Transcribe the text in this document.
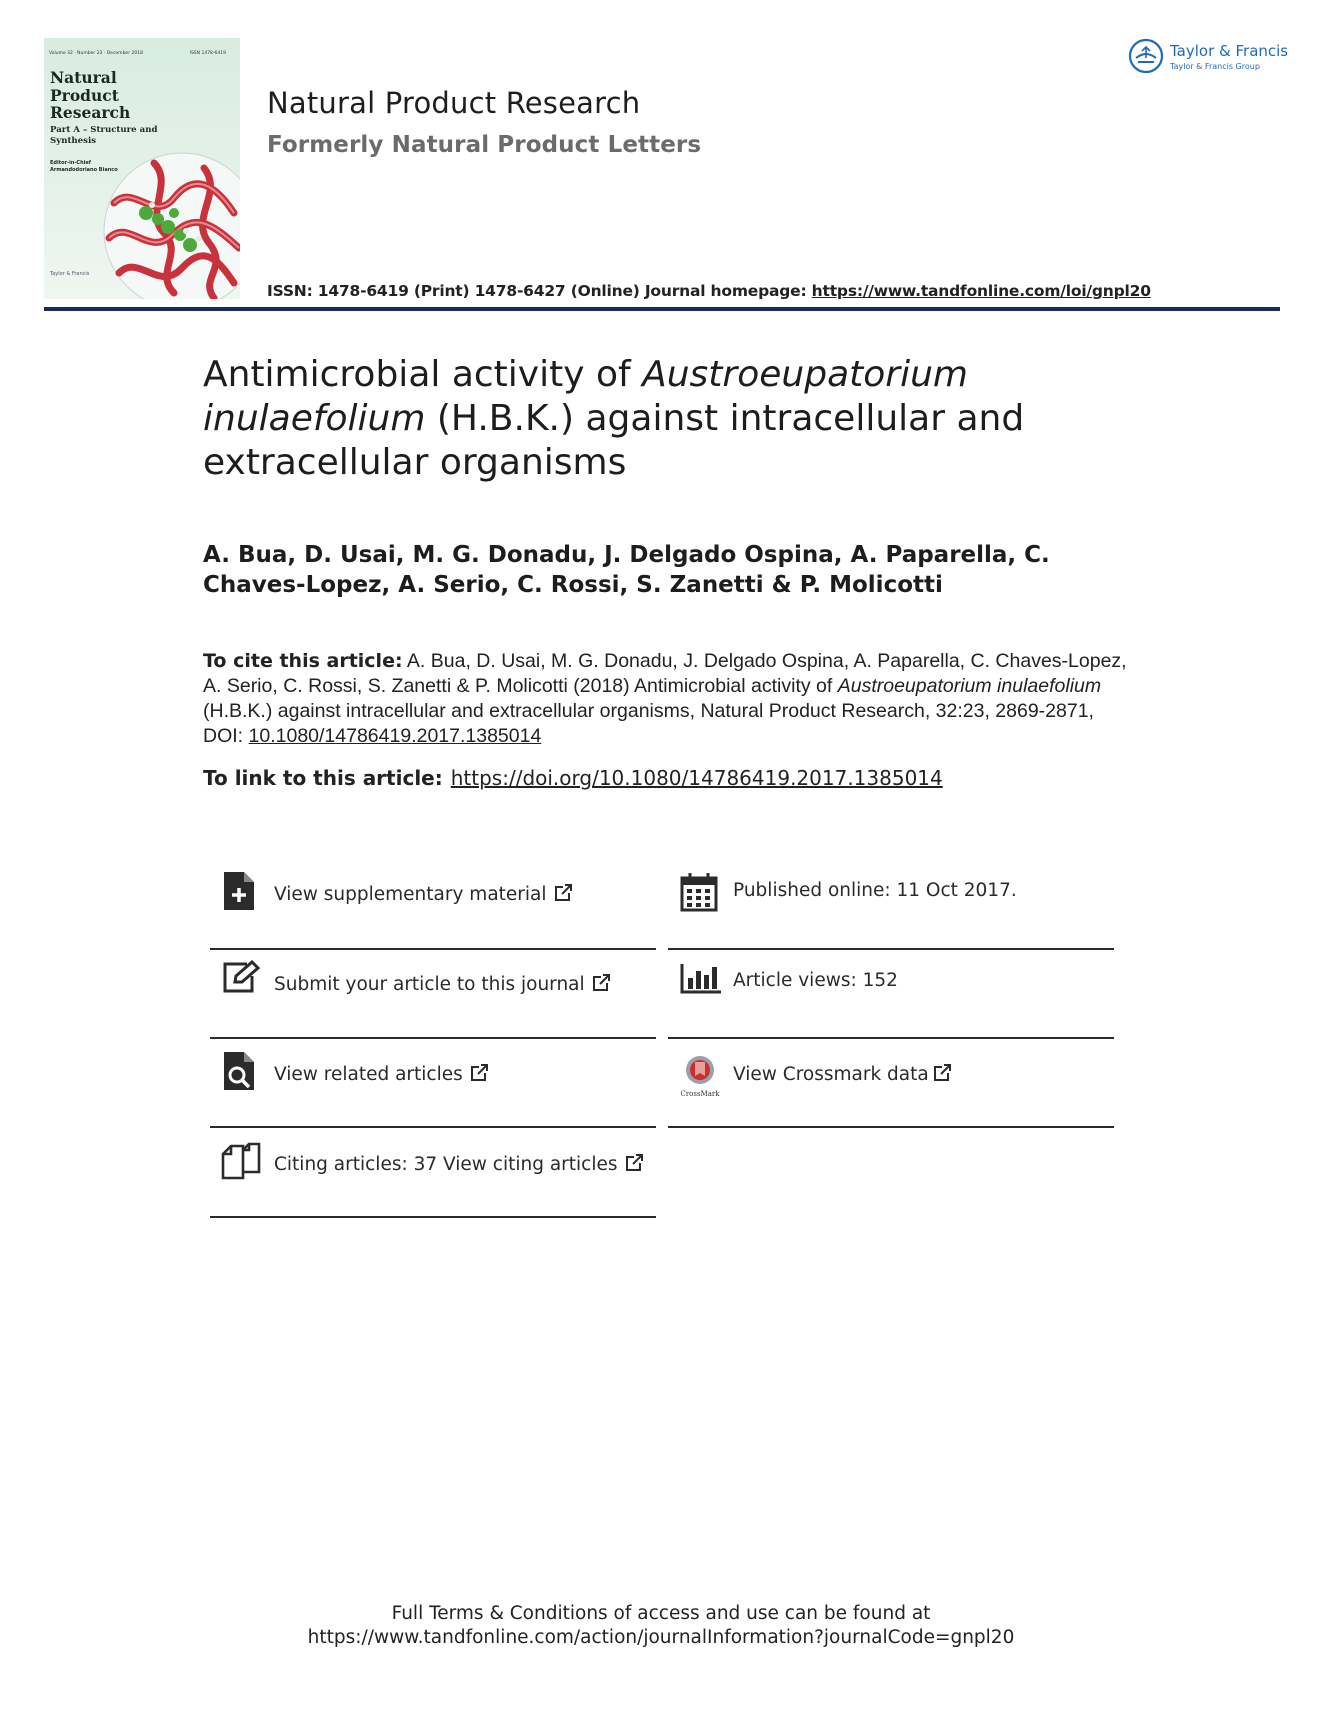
Volume 32 · Number 23 · December 2018	ISSN 1478-6419
Natural Product Research
Part A – Structure and Synthesis
Editor-in-Chief Armandodoriano Bianco
Taylor & Francis
Natural Product Research
Formerly Natural Product Letters
ISSN: 1478-6419 (Print) 1478-6427 (Online) Journal homepage: https://www.tandfonline.com/loi/gnpl20
Taylor & Francis
Taylor & Francis Group
Antimicrobial activity of Austroeupatorium inulaefolium (H.B.K.) against intracellular and extracellular organisms
A. Bua, D. Usai, M. G. Donadu, J. Delgado Ospina, A. Paparella, C. Chaves-Lopez, A. Serio, C. Rossi, S. Zanetti & P. Molicotti
To cite this article: A. Bua, D. Usai, M. G. Donadu, J. Delgado Ospina, A. Paparella, C. Chaves-Lopez, A. Serio, C. Rossi, S. Zanetti & P. Molicotti (2018) Antimicrobial activity of Austroeupatorium inulaefolium (H.B.K.) against intracellular and extracellular organisms, Natural Product Research, 32:23, 2869-2871, DOI: 10.1080/14786419.2017.1385014
To link to this article: https://doi.org/10.1080/14786419.2017.1385014
View supplementary material
Submit your article to this journal
View related articles
Citing articles: 37 View citing articles
Published online: 11 Oct 2017.
Article views: 152
CrossMark
View Crossmark data
Full Terms & Conditions of access and use can be found at
https://www.tandfonline.com/action/journalInformation?journalCode=gnpl20
